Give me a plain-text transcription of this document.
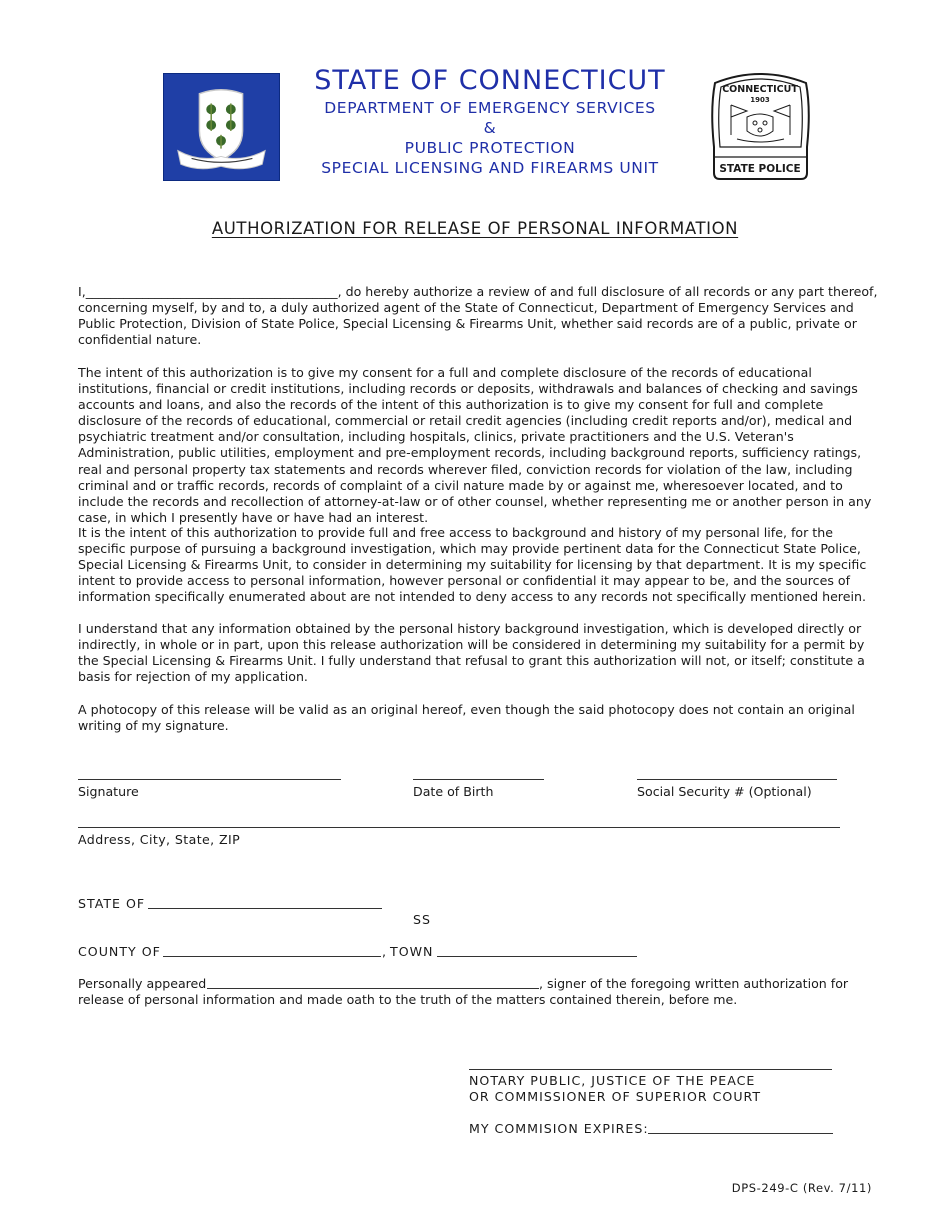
STATE OF CONNECTICUT
DEPARTMENT OF EMERGENCY SERVICES
&
PUBLIC PROTECTION
SPECIAL LICENSING AND FIREARMS UNIT
CONNECTICUT
1903
STATE POLICE
AUTHORIZATION FOR RELEASE OF PERSONAL INFORMATION
I,________________________________________, do hereby authorize a review of and full disclosure of all records or any part thereof, concerning myself, by and to, a duly authorized agent of the State of Connecticut, Department of Emergency Services and Public Protection, Division of State Police, Special Licensing & Firearms Unit, whether said records are of a public, private or confidential nature.
The intent of this authorization is to give my consent for a full and complete disclosure of the records of educational institutions, financial or credit institutions, including records or deposits, withdrawals and balances of checking and savings accounts and loans, and also the records of the intent of this authorization is to give my consent for full and complete disclosure of the records of educational, commercial or retail credit agencies (including credit reports and/or), medical and psychiatric treatment and/or consultation, including hospitals, clinics, private practitioners and the U.S. Veteran's Administration, public utilities, employment and pre-employment records, including background reports, sufficiency ratings, real and personal property tax statements and records wherever filed, conviction records for violation of the law, including criminal and or traffic records, records of complaint of a civil nature made by or against me, wheresoever located, and to include the records and recollection of attorney-at-law or of other counsel, whether representing me or another person in any case, in which I presently have or have had an interest.
It is the intent of this authorization to provide full and free access to background and history of my personal life, for the specific purpose of pursuing a background investigation, which may provide pertinent data for the Connecticut State Police, Special Licensing & Firearms Unit, to consider in determining my suitability for licensing by that department. It is my specific intent to provide access to personal information, however personal or confidential it may appear to be, and the sources of information specifically enumerated about are not intended to deny access to any records not specifically mentioned herein.
I understand that any information obtained by the personal history background investigation, which is developed directly or indirectly, in whole or in part, upon this release authorization will be considered in determining my suitability for a permit by the Special Licensing & Firearms Unit. I fully understand that refusal to grant this authorization will not, or itself; constitute a basis for rejection of my application.
A photocopy of this release will be valid as an original hereof, even though the said photocopy does not contain an original writing of my signature.
Signature	Date of Birth	Social Security # (Optional)
Address, City, State, ZIP
STATE OF
SS
COUNTY OF	, TOWN
Personally appeared	, signer of the foregoing written authorization for
release of personal information and made oath to the truth of the matters contained therein, before me.
NOTARY PUBLIC, JUSTICE OF THE PEACE
OR COMMISSIONER OF SUPERIOR COURT
MY COMMISION EXPIRES:
DPS-249-C (Rev. 7/11)
